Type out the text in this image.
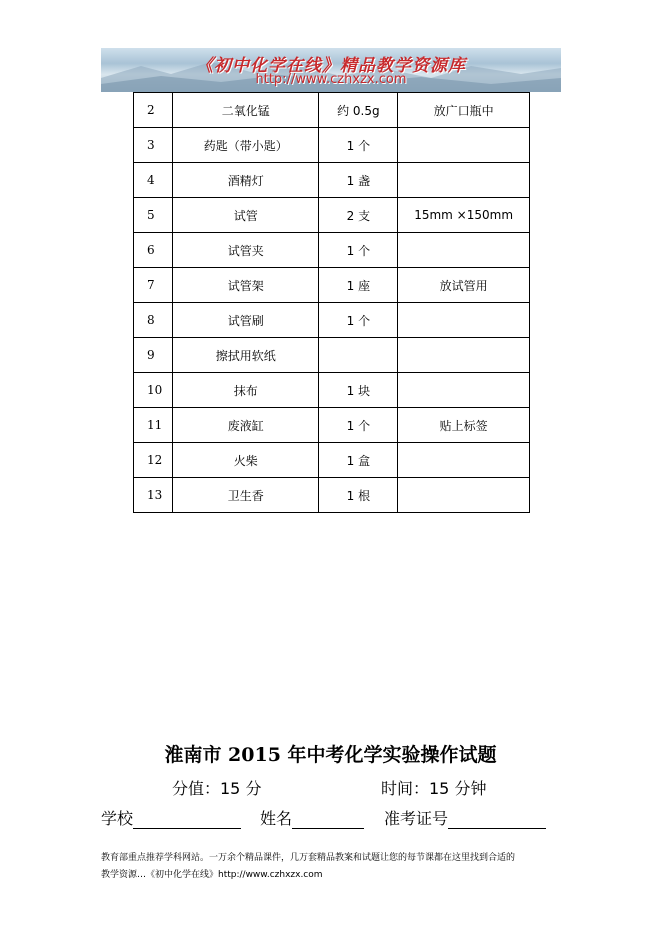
《初中化学在线》精品教学资源库
http://www.czhxzx.com
2	二氧化锰	约 0.5g	放广口瓶中
3	药匙（带小匙）	1 个	
4	酒精灯	1 盏	
5	试管	2 支	15mm ×150mm
6	试管夹	1 个	
7	试管架	1 座	放试管用
8	试管刷	1 个	
9	擦拭用软纸		
10	抹布	1 块	
11	废液缸	1 个	贴上标签
12	火柴	1 盒	
13	卫生香	1 根	
淮南市 2015 年中考化学实验操作试题
分值：15 分	时间：15 分钟
学校	姓名	准考证号
教育部重点推荐学科网站。一万余个精品课件，几万套精品教案和试题让您的每节课都在这里找到合适的
教学资源…《初中化学在线》http://www.czhxzx.com
